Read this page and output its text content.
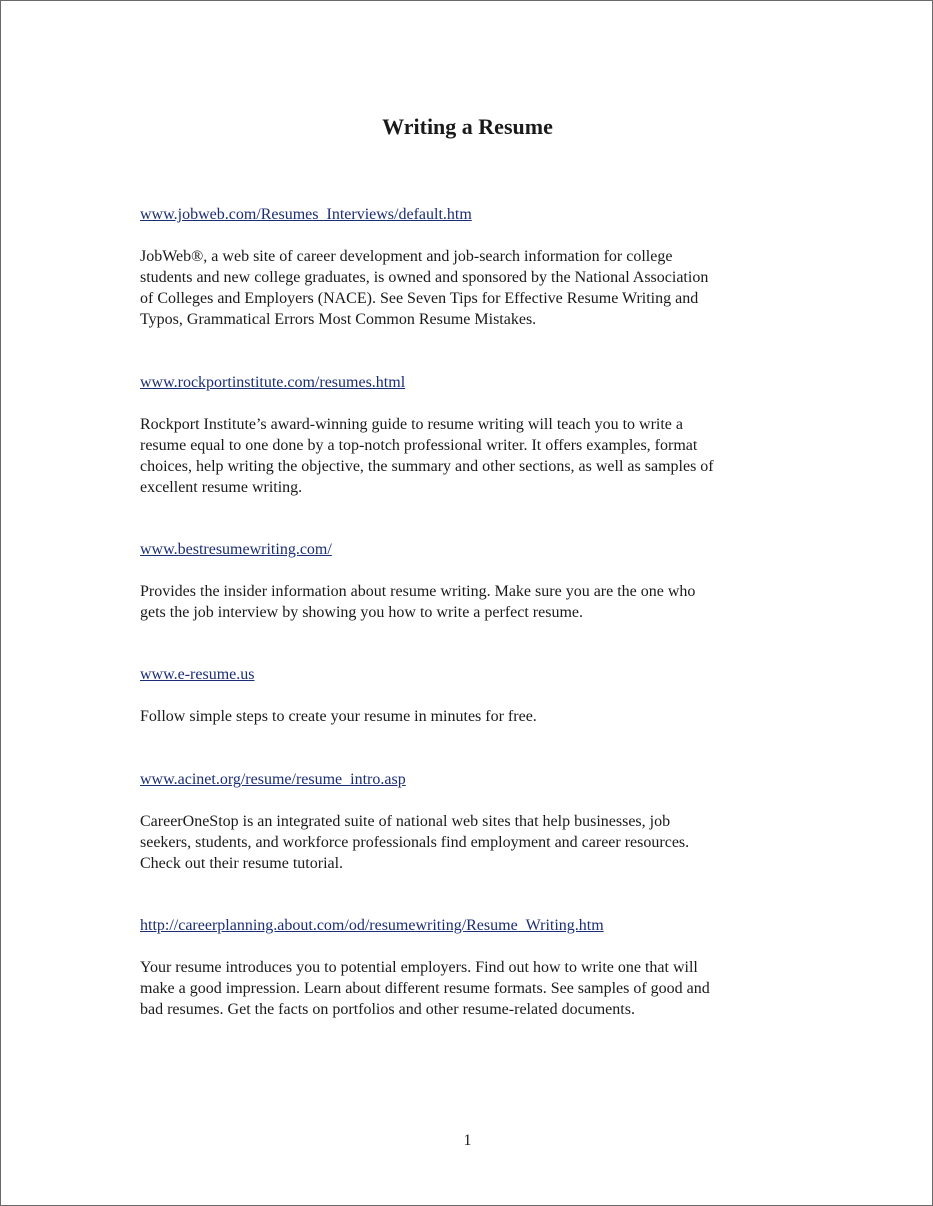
Writing a Resume
www.jobweb.com/Resumes_Interviews/default.htm

JobWeb®, a web site of career development and job-search information for college
students and new college graduates, is owned and sponsored by the National Association
of Colleges and Employers (NACE). See Seven Tips for Effective Resume Writing and
Typos, Grammatical Errors Most Common Resume Mistakes.

www.rockportinstitute.com/resumes.html

Rockport Institute’s award-winning guide to resume writing will teach you to write a
resume equal to one done by a top-notch professional writer. It offers examples, format
choices, help writing the objective, the summary and other sections, as well as samples of
excellent resume writing.

www.bestresumewriting.com/

Provides the insider information about resume writing. Make sure you are the one who
gets the job interview by showing you how to write a perfect resume.

www.e-resume.us

Follow simple steps to create your resume in minutes for free.

www.acinet.org/resume/resume_intro.asp

CareerOneStop is an integrated suite of national web sites that help businesses, job
seekers, students, and workforce professionals find employment and career resources.
Check out their resume tutorial.

http://careerplanning.about.com/od/resumewriting/Resume_Writing.htm

Your resume introduces you to potential employers. Find out how to write one that will
make a good impression. Learn about different resume formats. See samples of good and
bad resumes. Get the facts on portfolios and other resume-related documents.

1
